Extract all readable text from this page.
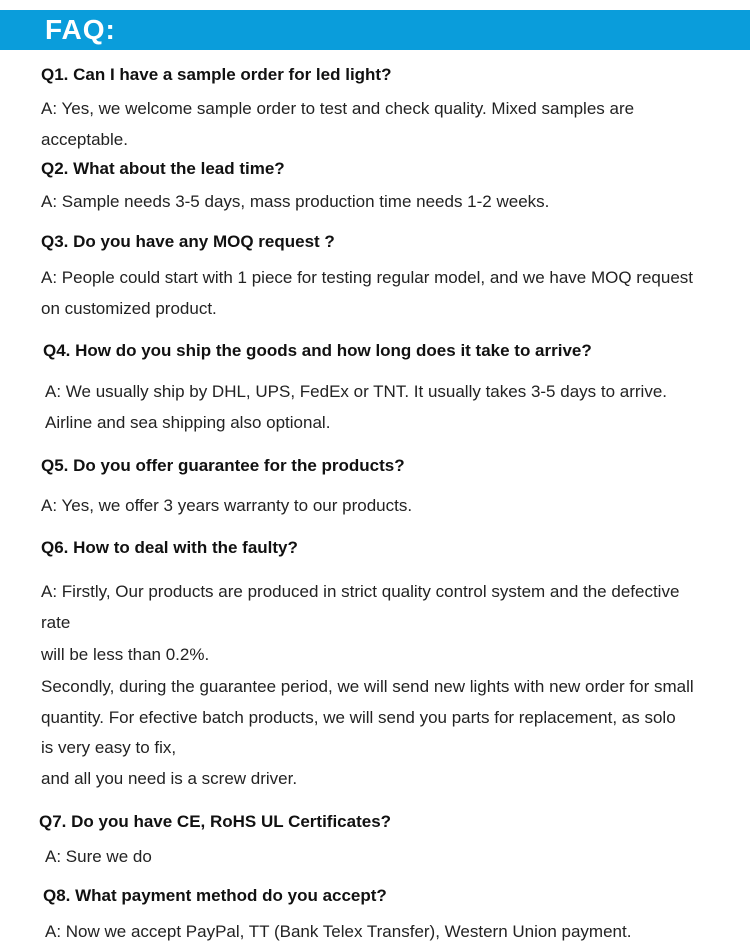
FAQ:
Q1. Can I have a sample order for led light?
A: Yes, we welcome sample order to test and check quality. Mixed samples are
acceptable.
Q2. What about the lead time?
A: Sample needs 3-5 days, mass production time needs 1-2 weeks.
Q3. Do you have any MOQ request ?
A: People could start with 1 piece for testing regular model, and we have MOQ request
on customized product.
Q4. How do you ship the goods and how long does it take to arrive?
A: We usually ship by DHL, UPS, FedEx or TNT. It usually takes 3-5 days to arrive.
Airline and sea shipping also optional.
Q5. Do you offer guarantee for the products?
A: Yes, we offer 3 years warranty to our products.
Q6. How to deal with the faulty?
A: Firstly, Our products are produced in strict quality control system and the defective
rate
will be less than 0.2%.
Secondly, during the guarantee period, we will send new lights with new order for small
quantity. For efective batch products, we will send you parts for replacement, as solo
is very easy to fix,
and all you need is a screw driver.
Q7. Do you have CE, RoHS UL Certificates?
A: Sure we do
Q8. What payment method do you accept?
A: Now we accept PayPal, TT (Bank Telex Transfer), Western Union payment.
